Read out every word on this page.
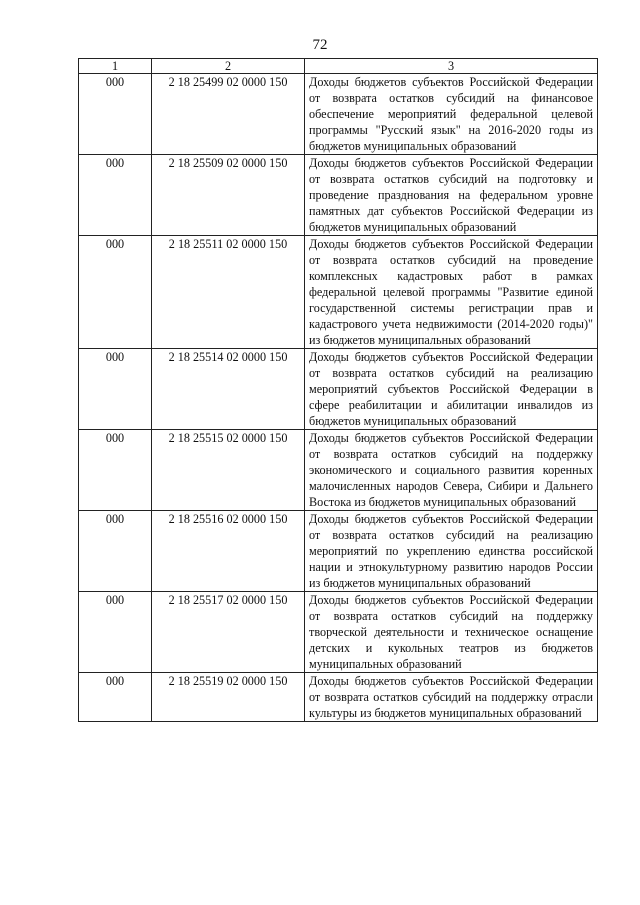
72
1	2	3
000	2 18 25499 02 0000 150	Доходы бюджетов субъектов Российской Федерации от возврата остатков субсидий на финансовое обеспечение мероприятий федеральной целевой программы "Русский язык" на 2016-2020 годы из бюджетов муниципальных образований
000	2 18 25509 02 0000 150	Доходы бюджетов субъектов Российской Федерации от возврата остатков субсидий на подготовку и проведение празднования на федеральном уровне памятных дат субъектов Российской Федерации из бюджетов муниципальных образований
000	2 18 25511 02 0000 150	Доходы бюджетов субъектов Российской Федерации от возврата остатков субсидий на проведение комплексных кадастровых работ в рамках федеральной целевой программы "Развитие единой государственной системы регистрации прав и кадастрового учета недвижимости (2014-2020 годы)" из бюджетов муниципальных образований
000	2 18 25514 02 0000 150	Доходы бюджетов субъектов Российской Федерации от возврата остатков субсидий на реализацию мероприятий субъектов Российской Федерации в сфере реабилитации и абилитации инвалидов из бюджетов муниципальных образований
000	2 18 25515 02 0000 150	Доходы бюджетов субъектов Российской Федерации от возврата остатков субсидий на поддержку экономического и социального развития коренных малочисленных народов Севера, Сибири и Дальнего Востока из бюджетов муниципальных образований
000	2 18 25516 02 0000 150	Доходы бюджетов субъектов Российской Федерации от возврата остатков субсидий на реализацию мероприятий по укреплению единства российской нации и этнокультурному развитию народов России из бюджетов муниципальных образований
000	2 18 25517 02 0000 150	Доходы бюджетов субъектов Российской Федерации от возврата остатков субсидий на поддержку творческой деятельности и техническое оснащение детских и кукольных театров из бюджетов муниципальных образований
000	2 18 25519 02 0000 150	Доходы бюджетов субъектов Российской Федерации от возврата остатков субсидий на поддержку отрасли культуры из бюджетов муниципальных образований
